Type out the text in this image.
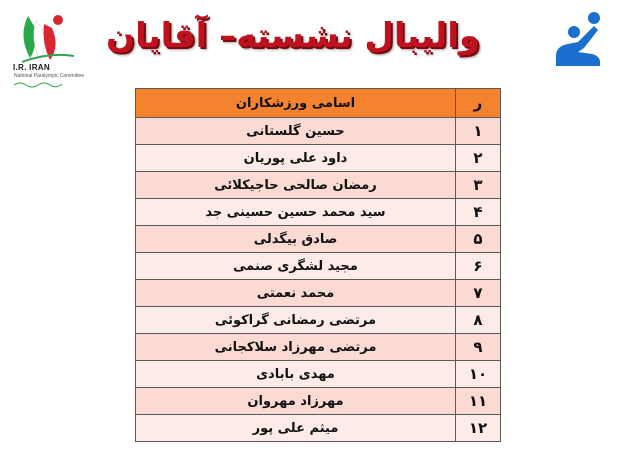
I.R. IRAN
National Paralympic Committee
والیبال نشسته– آقایان
ر	اسامی ورزشکاران
۱	حسین گلستانی
۲	داود علی پوریان
۳	رمضان صالحی حاجیکلائی
۴	سید محمد حسین حسینی جد
۵	صادق بیگدلی
۶	مجید لشگری صنمی
۷	محمد نعمتی
۸	مرتضی رمضانی گراکوئی
۹	مرتضی مهرزاد سلاکجانی
۱۰	مهدی بابادی
۱۱	مهرزاد مهروان
۱۲	میثم علی پور
